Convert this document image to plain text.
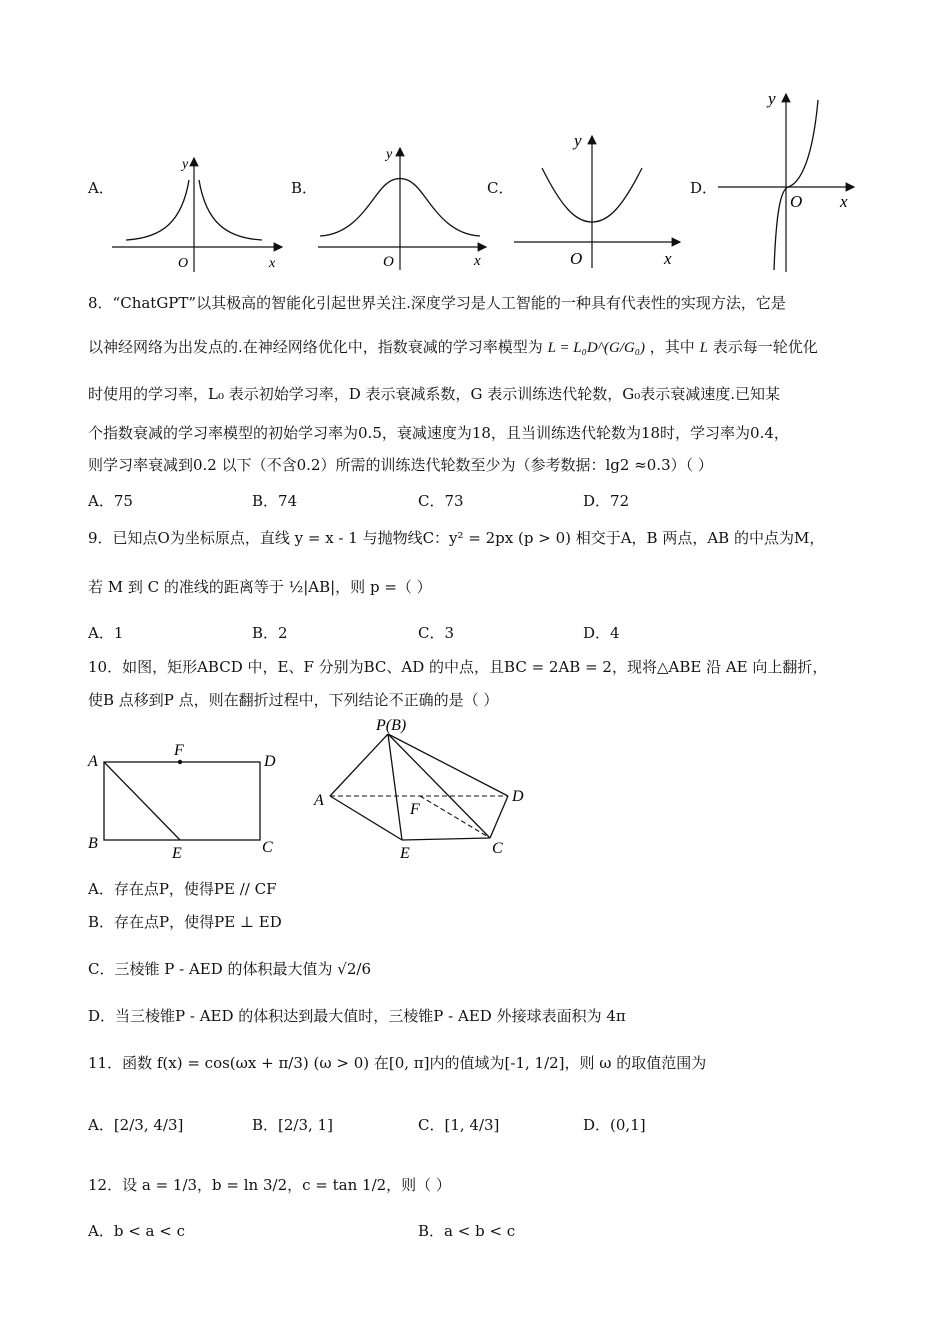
A．	B．	C．	D．
y
O	x
y
O	x
y
O	x
y
O x
8．“ChatGPT”以其极高的智能化引起世界关注.深度学习是人工智能的一种具有代表性的实现方法，它是
以神经网络为出发点的.在神经网络优化中，指数衰减的学习率模型为 L = L₀D^(G/G₀) ，其中 L 表示每一轮优化
时使用的学习率，L₀ 表示初始学习率，D 表示衰减系数，G 表示训练迭代轮数，G₀表示衰减速度.已知某
个指数衰减的学习率模型的初始学习率为0.5，衰减速度为18，且当训练迭代轮数为18时，学习率为0.4，
则学习率衰减到0.2 以下（不含0.2）所需的训练迭代轮数至少为（参考数据：lg2 ≈0.3）（ ）
A．75	B．74	C．73	D．72
9．已知点O为坐标原点，直线 y = x - 1 与抛物线C：y² = 2px (p > 0) 相交于A，B 两点，AB 的中点为M，
若 M 到 C 的准线的距离等于 ½|AB|，则 p =（ ）
A．1	B．2	C．3	D．4
10．如图，矩形ABCD 中，E、F 分别为BC、AD 的中点，且BC = 2AB = 2，现将△ABE 沿 AE 向上翻折，
使B 点移到P 点，则在翻折过程中，下列结论不正确的是（ ）
A
F
D
B
E	C
P(B)
A
F
D
E	C
A．存在点P，使得PE // CF
B．存在点P，使得PE ⊥ ED
C．三棱锥 P - AED 的体积最大值为 √2/6
D．当三棱锥P - AED 的体积达到最大值时，三棱锥P - AED 外接球表面积为 4π
11．函数 f(x) = cos(ωx + π/3) (ω > 0) 在[0, π]内的值域为[-1, 1/2]，则 ω 的取值范围为
A．[2/3, 4/3]	B．[2/3, 1]	C．[1, 4/3]	D．(0,1]
12．设 a = 1/3，b = ln 3/2，c = tan 1/2，则（ ）
A．b < a < c	B．a < b < c
